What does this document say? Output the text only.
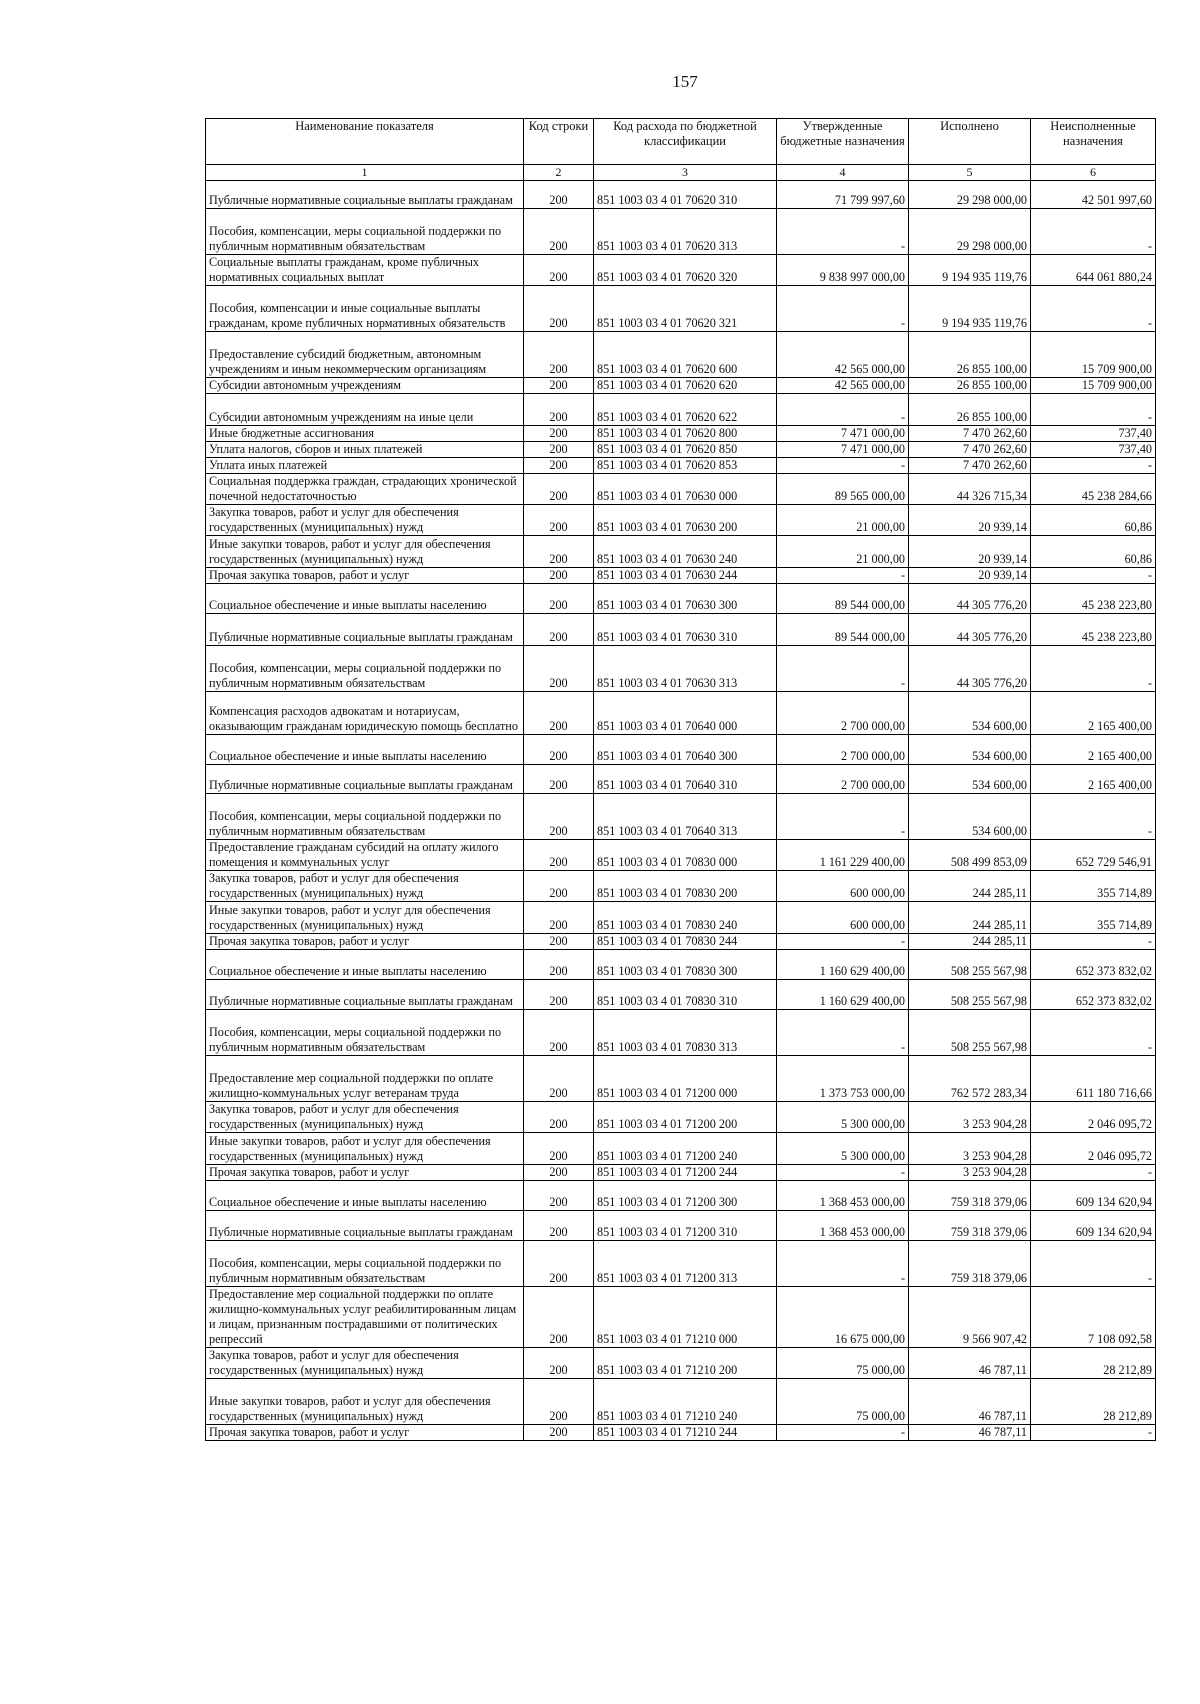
157
Наименование показателя	Код строки	Код расхода по бюджетной классификации	Утвержденные бюджетные назначения	Исполнено	Неисполненные назначения
1	2	3	4	5	6
Публичные нормативные социальные выплаты гражданам	200	851 1003 03 4 01 70620 310	71 799 997,60	29 298 000,00	42 501 997,60
Пособия, компенсации, меры социальной поддержки по публичным нормативным обязательствам	200	851 1003 03 4 01 70620 313	-	29 298 000,00	-
Социальные выплаты гражданам, кроме публичных нормативных социальных выплат	200	851 1003 03 4 01 70620 320	9 838 997 000,00	9 194 935 119,76	644 061 880,24
Пособия, компенсации и иные социальные выплаты гражданам, кроме публичных нормативных обязательств	200	851 1003 03 4 01 70620 321	-	9 194 935 119,76	-
Предоставление субсидий бюджетным, автономным учреждениям и иным некоммерческим организациям	200	851 1003 03 4 01 70620 600	42 565 000,00	26 855 100,00	15 709 900,00
Субсидии автономным учреждениям	200	851 1003 03 4 01 70620 620	42 565 000,00	26 855 100,00	15 709 900,00
Субсидии автономным учреждениям на иные цели	200	851 1003 03 4 01 70620 622	-	26 855 100,00	-
Иные бюджетные ассигнования	200	851 1003 03 4 01 70620 800	7 471 000,00	7 470 262,60	737,40
Уплата налогов, сборов и иных платежей	200	851 1003 03 4 01 70620 850	7 471 000,00	7 470 262,60	737,40
Уплата иных платежей	200	851 1003 03 4 01 70620 853	-	7 470 262,60	-
Социальная поддержка граждан, страдающих хронической почечной недостаточностью	200	851 1003 03 4 01 70630 000	89 565 000,00	44 326 715,34	45 238 284,66
Закупка товаров, работ и услуг для обеспечения государственных (муниципальных) нужд	200	851 1003 03 4 01 70630 200	21 000,00	20 939,14	60,86
Иные закупки товаров, работ и услуг для обеспечения государственных (муниципальных) нужд	200	851 1003 03 4 01 70630 240	21 000,00	20 939,14	60,86
Прочая закупка товаров, работ и услуг	200	851 1003 03 4 01 70630 244	-	20 939,14	-
Социальное обеспечение и иные выплаты населению	200	851 1003 03 4 01 70630 300	89 544 000,00	44 305 776,20	45 238 223,80
Публичные нормативные социальные выплаты гражданам	200	851 1003 03 4 01 70630 310	89 544 000,00	44 305 776,20	45 238 223,80
Пособия, компенсации, меры социальной поддержки по публичным нормативным обязательствам	200	851 1003 03 4 01 70630 313	-	44 305 776,20	-
Компенсация расходов адвокатам и нотариусам, оказывающим гражданам юридическую помощь бесплатно	200	851 1003 03 4 01 70640 000	2 700 000,00	534 600,00	2 165 400,00
Социальное обеспечение и иные выплаты населению	200	851 1003 03 4 01 70640 300	2 700 000,00	534 600,00	2 165 400,00
Публичные нормативные социальные выплаты гражданам	200	851 1003 03 4 01 70640 310	2 700 000,00	534 600,00	2 165 400,00
Пособия, компенсации, меры социальной поддержки по публичным нормативным обязательствам	200	851 1003 03 4 01 70640 313	-	534 600,00	-
Предоставление гражданам субсидий на оплату жилого помещения и коммунальных услуг	200	851 1003 03 4 01 70830 000	1 161 229 400,00	508 499 853,09	652 729 546,91
Закупка товаров, работ и услуг для обеспечения государственных (муниципальных) нужд	200	851 1003 03 4 01 70830 200	600 000,00	244 285,11	355 714,89
Иные закупки товаров, работ и услуг для обеспечения государственных (муниципальных) нужд	200	851 1003 03 4 01 70830 240	600 000,00	244 285,11	355 714,89
Прочая закупка товаров, работ и услуг	200	851 1003 03 4 01 70830 244	-	244 285,11	-
Социальное обеспечение и иные выплаты населению	200	851 1003 03 4 01 70830 300	1 160 629 400,00	508 255 567,98	652 373 832,02
Публичные нормативные социальные выплаты гражданам	200	851 1003 03 4 01 70830 310	1 160 629 400,00	508 255 567,98	652 373 832,02
Пособия, компенсации, меры социальной поддержки по публичным нормативным обязательствам	200	851 1003 03 4 01 70830 313	-	508 255 567,98	-
Предоставление мер социальной поддержки по оплате жилищно-коммунальных услуг ветеранам труда	200	851 1003 03 4 01 71200 000	1 373 753 000,00	762 572 283,34	611 180 716,66
Закупка товаров, работ и услуг для обеспечения государственных (муниципальных) нужд	200	851 1003 03 4 01 71200 200	5 300 000,00	3 253 904,28	2 046 095,72
Иные закупки товаров, работ и услуг для обеспечения государственных (муниципальных) нужд	200	851 1003 03 4 01 71200 240	5 300 000,00	3 253 904,28	2 046 095,72
Прочая закупка товаров, работ и услуг	200	851 1003 03 4 01 71200 244	-	3 253 904,28	-
Социальное обеспечение и иные выплаты населению	200	851 1003 03 4 01 71200 300	1 368 453 000,00	759 318 379,06	609 134 620,94
Публичные нормативные социальные выплаты гражданам	200	851 1003 03 4 01 71200 310	1 368 453 000,00	759 318 379,06	609 134 620,94
Пособия, компенсации, меры социальной поддержки по публичным нормативным обязательствам	200	851 1003 03 4 01 71200 313	-	759 318 379,06	-
Предоставление мер социальной поддержки по оплате жилищно-коммунальных услуг реабилитированным лицам и лицам, признанным пострадавшими от политических репрессий	200	851 1003 03 4 01 71210 000	16 675 000,00	9 566 907,42	7 108 092,58
Закупка товаров, работ и услуг для обеспечения государственных (муниципальных) нужд	200	851 1003 03 4 01 71210 200	75 000,00	46 787,11	28 212,89
Иные закупки товаров, работ и услуг для обеспечения государственных (муниципальных) нужд	200	851 1003 03 4 01 71210 240	75 000,00	46 787,11	28 212,89
Прочая закупка товаров, работ и услуг	200	851 1003 03 4 01 71210 244	-	46 787,11	-
